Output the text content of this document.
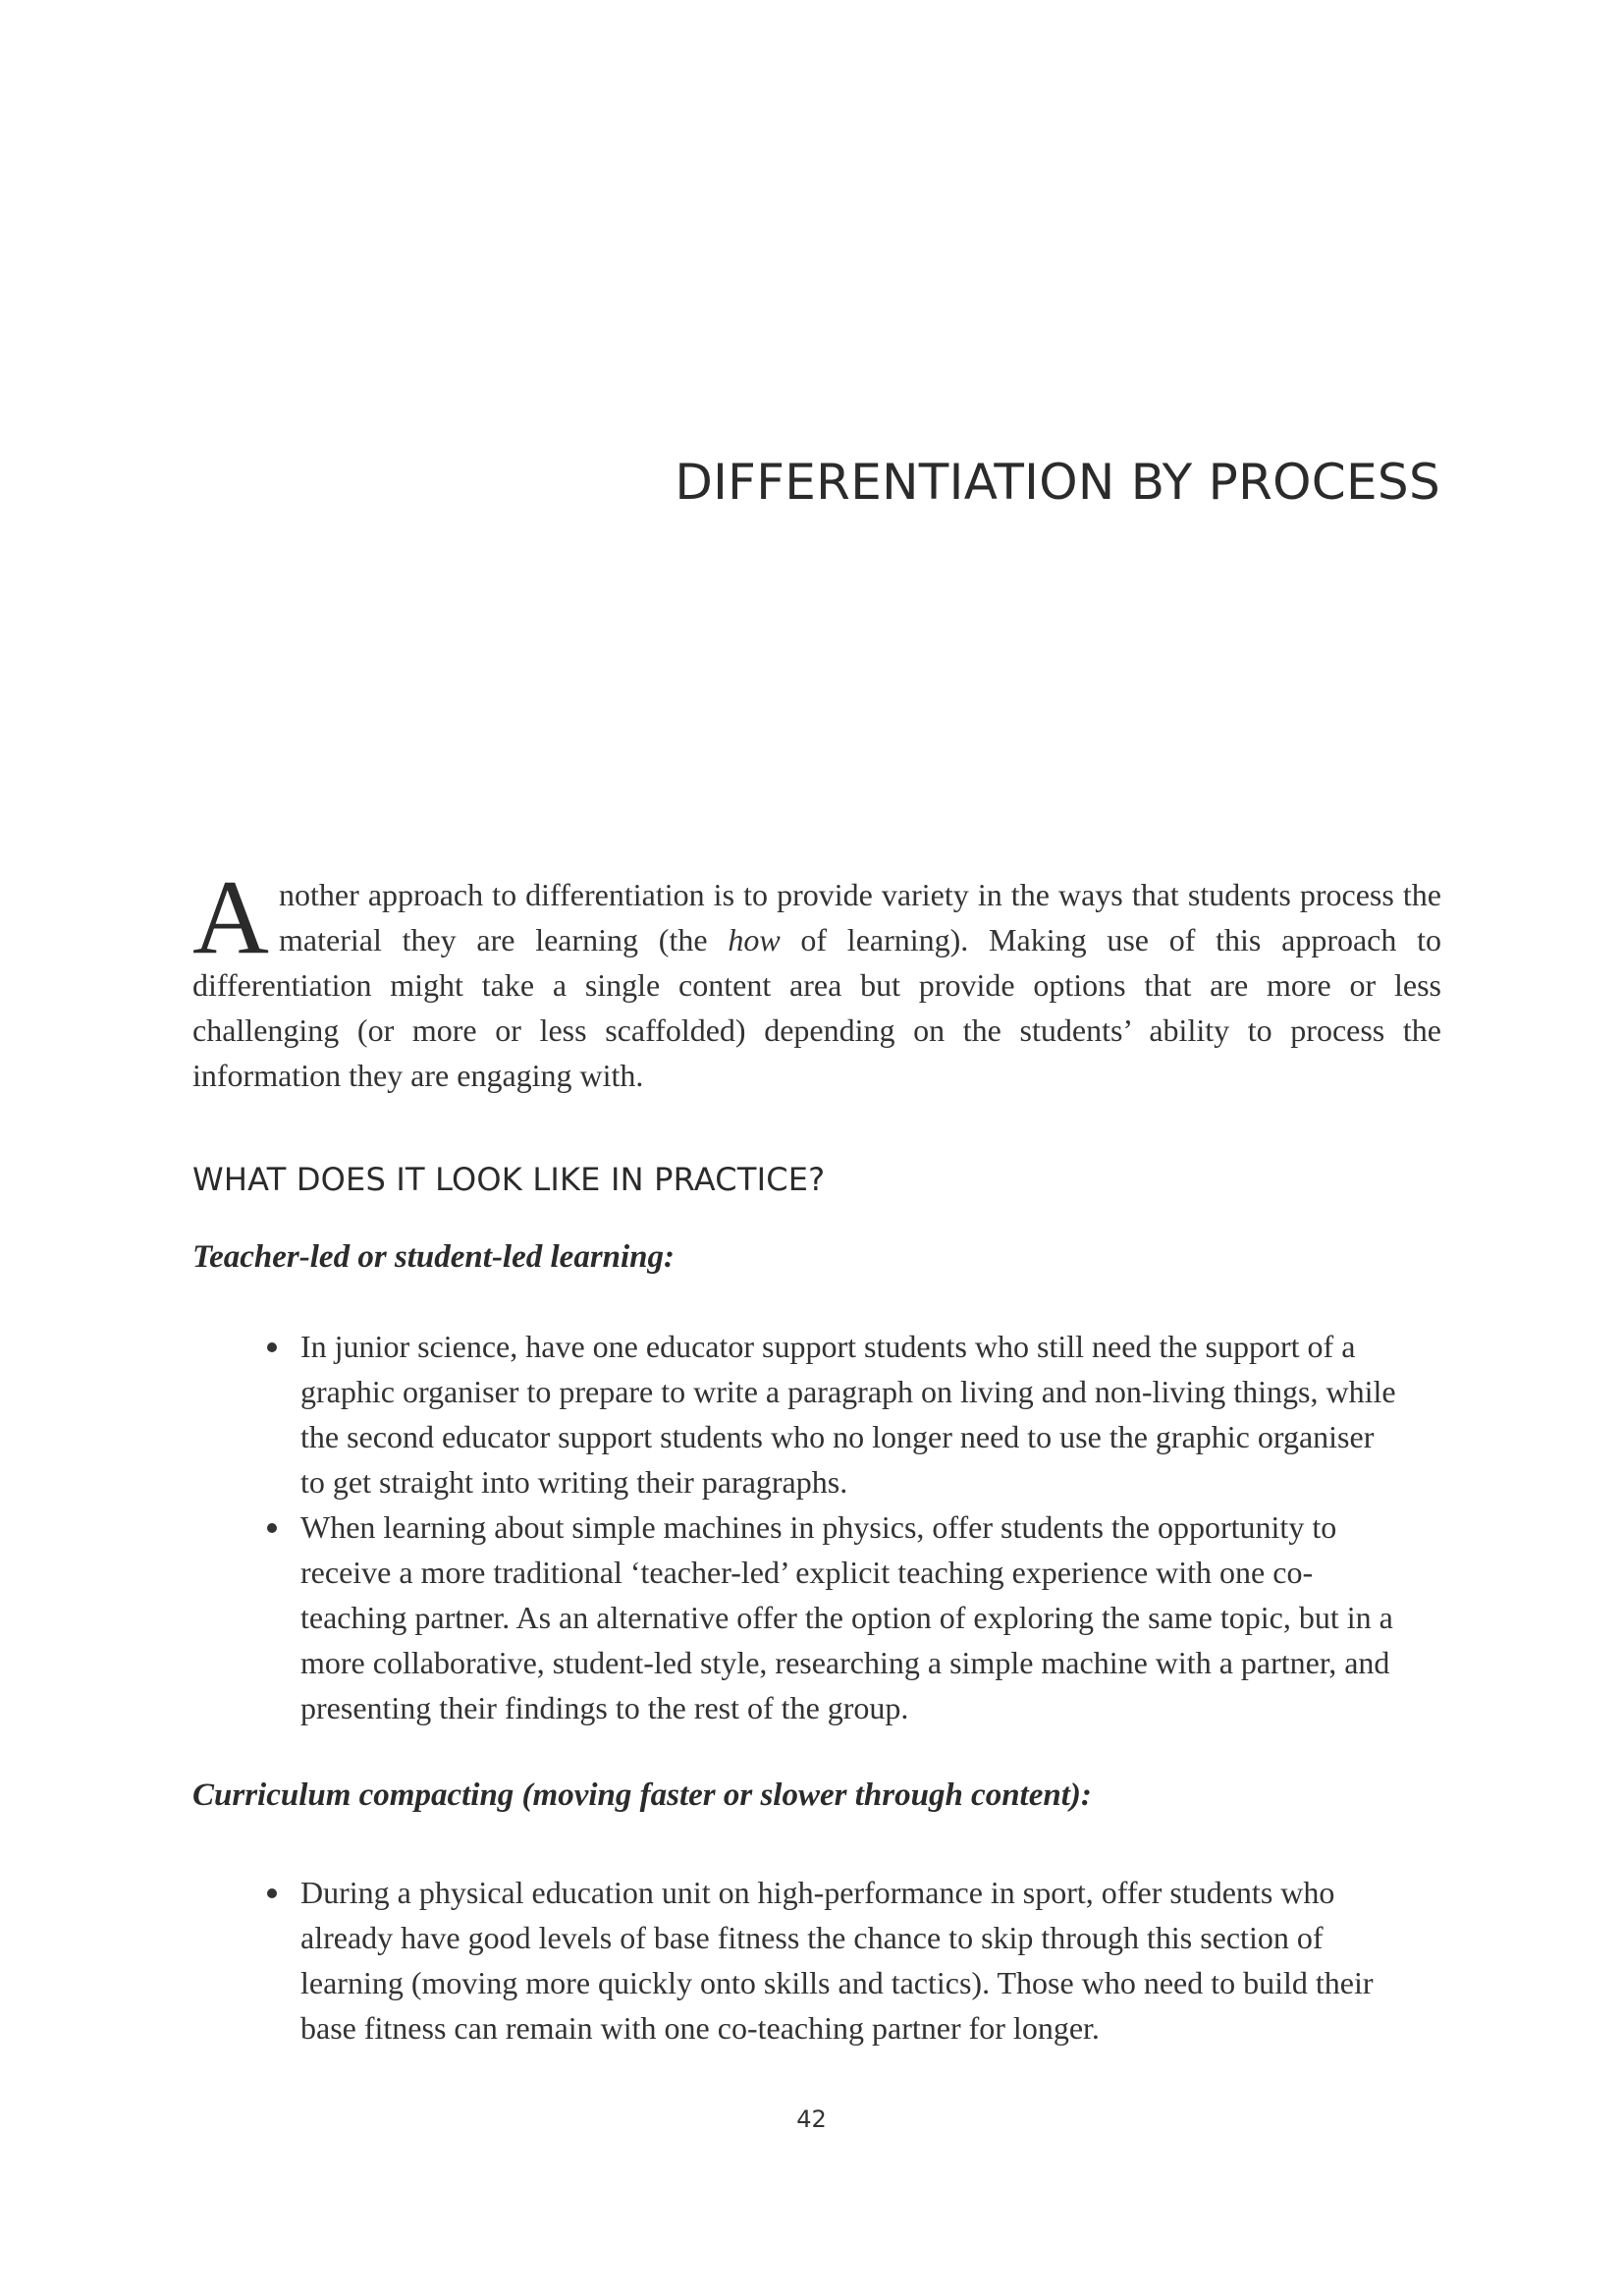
DIFFERENTIATION BY PROCESS

Another approach to differentiation is to provide variety in the ways that students process the material they are learning (the how of learning). Making use of this approach to differentiation might take a single content area but provide options that are more or less challenging (or more or less scaffolded) depending on the students’ ability to process the information they are engaging with.

WHAT DOES IT LOOK LIKE IN PRACTICE?
Teacher-led or student-led learning:
In junior science, have one educator support students who still need the support of a graphic organiser to prepare to write a paragraph on living and non-living things, while the second educator support students who no longer need to use the graphic organiser to get straight into writing their paragraphs.
When learning about simple machines in physics, offer students the opportunity to receive a more traditional ‘teacher-led’ explicit teaching experience with one co-teaching partner. As an alternative offer the option of exploring the same topic, but in a more collaborative, student-led style, researching a simple machine with a partner, and presenting their findings to the rest of the group.
Curriculum compacting (moving faster or slower through content):
During a physical education unit on high-performance in sport, offer students who already have good levels of base fitness the chance to skip through this section of learning (moving more quickly onto skills and tactics). Those who need to build their base fitness can remain with one co-teaching partner for longer.

42
